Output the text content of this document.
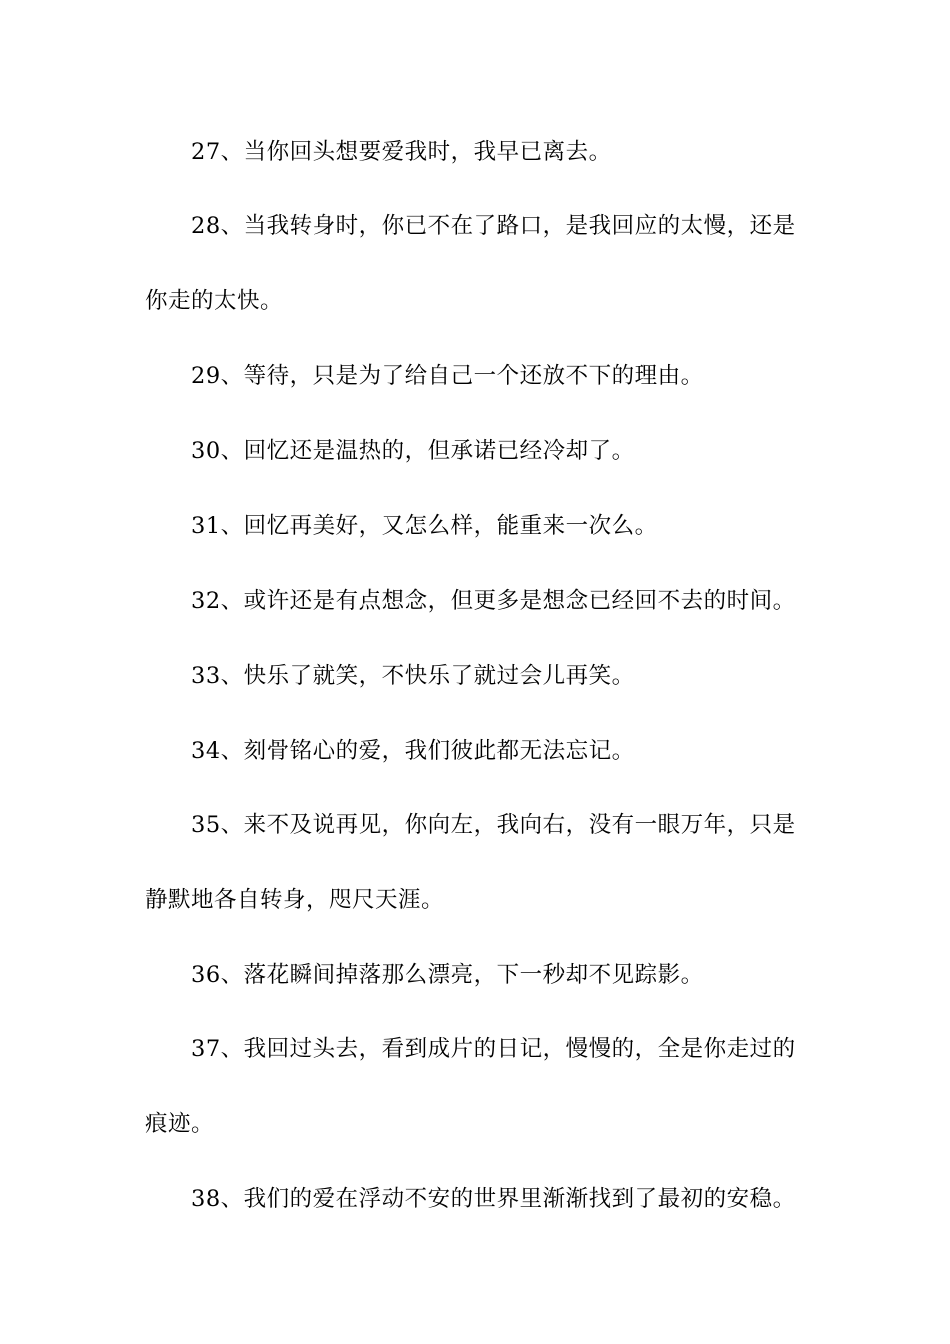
27、当你回头想要爱我时，我早已离去。

28、当我转身时，你已不在了路口，是我回应的太慢，还是你走的太快。

29、等待，只是为了给自己一个还放不下的理由。

30、回忆还是温热的，但承诺已经冷却了。

31、回忆再美好，又怎么样，能重来一次么。

32、或许还是有点想念，但更多是想念已经回不去的时间。

33、快乐了就笑，不快乐了就过会儿再笑。

34、刻骨铭心的爱，我们彼此都无法忘记。

35、来不及说再见，你向左，我向右，没有一眼万年，只是静默地各自转身，咫尺天涯。

36、落花瞬间掉落那么漂亮，下一秒却不见踪影。

37、我回过头去，看到成片的日记，慢慢的，全是你走过的痕迹。

38、我们的爱在浮动不安的世界里渐渐找到了最初的安稳。
